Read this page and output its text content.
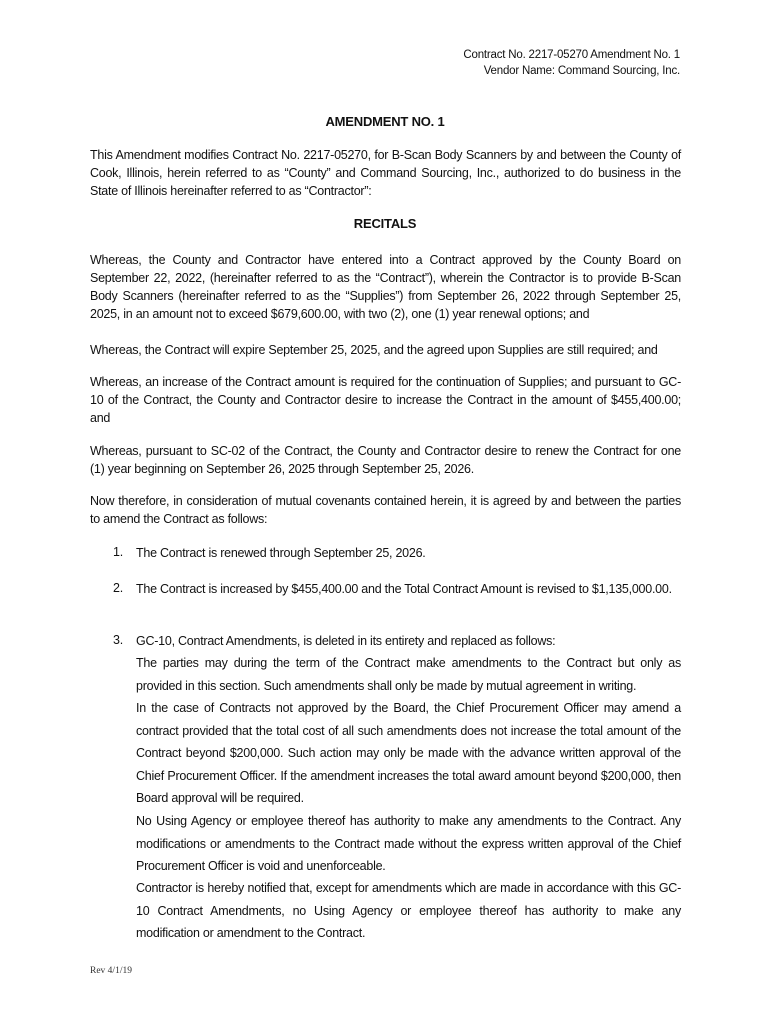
Contract No. 2217-05270 Amendment No. 1
Vendor Name: Command Sourcing, Inc.
AMENDMENT NO. 1

This Amendment modifies Contract No. 2217-05270, for B-Scan Body Scanners by and between the County of Cook, Illinois, herein referred to as “County” and Command Sourcing, Inc., authorized to do business in the State of Illinois hereinafter referred to as “Contractor”:

RECITALS

Whereas, the County and Contractor have entered into a Contract approved by the County Board on September 22, 2022, (hereinafter referred to as the “Contract”), wherein the Contractor is to provide B-Scan Body Scanners (hereinafter referred to as the “Supplies”) from September 26, 2022 through September 25, 2025, in an amount not to exceed $679,600.00, with two (2), one (1) year renewal options; and

Whereas, the Contract will expire September 25, 2025, and the agreed upon Supplies are still required; and

Whereas, an increase of the Contract amount is required for the continuation of Supplies; and pursuant to GC-10 of the Contract, the County and Contractor desire to increase the Contract in the amount of $455,400.00; and

Whereas, pursuant to SC-02 of the Contract, the County and Contractor desire to renew the Contract for one (1) year beginning on September 26, 2025 through September 25, 2026.

Now therefore, in consideration of mutual covenants contained herein, it is agreed by and between the parties to amend the Contract as follows:

1. The Contract is renewed through September 25, 2026.

2. The Contract is increased by $455,400.00 and the Total Contract Amount is revised to $1,135,000.00.

3. GC-10, Contract Amendments, is deleted in its entirety and replaced as follows:

The parties may during the term of the Contract make amendments to the Contract but only as provided in this section. Such amendments shall only be made by mutual agreement in writing.

In the case of Contracts not approved by the Board, the Chief Procurement Officer may amend a contract provided that the total cost of all such amendments does not increase the total amount of the Contract beyond $200,000. Such action may only be made with the advance written approval of the Chief Procurement Officer. If the amendment increases the total award amount beyond $200,000, then Board approval will be required.

No Using Agency or employee thereof has authority to make any amendments to the Contract. Any modifications or amendments to the Contract made without the express written approval of the Chief Procurement Officer is void and unenforceable.

Contractor is hereby notified that, except for amendments which are made in accordance with this GC-10 Contract Amendments, no Using Agency or employee thereof has authority to make any modification or amendment to the Contract.

Rev 4/1/19
